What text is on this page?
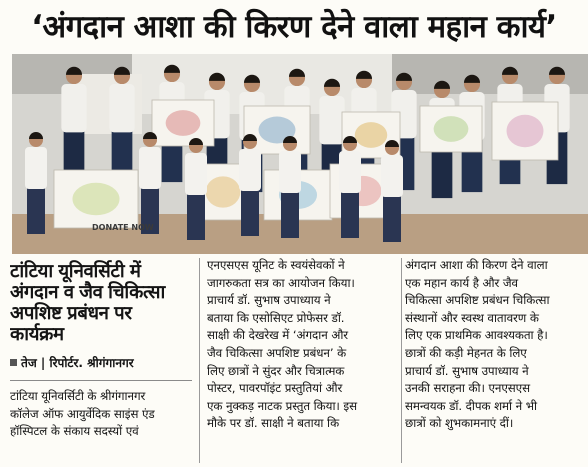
‘अंगदान आशा की किरण देने वाला महान कार्य’
DONATE NOW
टांटिया यूनिवर्सिटी में
अंगदान व जैव चिकित्सा
अपशिष्ट प्रबंधन पर
कार्यक्रम
तेज | रिपोर्टर. श्रीगंगानगर
टांटिया यूनिवर्सिटी के श्रीगंगानगर
कॉलेज ऑफ आयुर्वेदिक साइंस एंड
हॉस्पिटल के संकाय सदस्यों एवं
एनएसएस यूनिट के स्वयंसेवकों ने
जागरुकता सत्र का आयोजन किया।
प्राचार्य डॉ. सुभाष उपाध्याय ने
बताया कि एसोसिएट प्रोफेसर डॉ.
साक्षी की देखरेख में ‘अंगदान और
जैव चिकित्सा अपशिष्ट प्रबंधन’ के
लिए छात्रों ने सुंदर और चित्रात्मक
पोस्टर, पावरपॉइंट प्रस्तुतियां और
एक नुक्कड़ नाटक प्रस्तुत किया। इस
मौके पर डॉ. साक्षी ने बताया कि
अंगदान आशा की किरण देने वाला
एक महान कार्य है और जैव
चिकित्सा अपशिष्ट प्रबंधन चिकित्सा
संस्थानों और स्वस्थ वातावरण के
लिए एक प्राथमिक आवश्यकता है।
छात्रों की कड़ी मेहनत के लिए
प्राचार्य डॉ. सुभाष उपाध्याय ने
उनकी सराहना की। एनएसएस
समन्वयक डॉ. दीपक शर्मा ने भी
छात्रों को शुभकामनाएं दीं।
